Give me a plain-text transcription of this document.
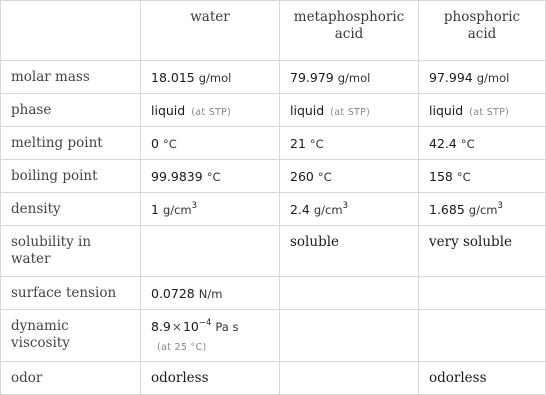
	water	metaphosphoric acid	phosphoric acid
molar mass	18.015 g/mol	79.979 g/mol	97.994 g/mol
phase	liquid (at STP)	liquid (at STP)	liquid (at STP)
melting point	0 °C	21 °C	42.4 °C
boiling point	99.9839 °C	260 °C	158 °C
density	1 $g/cm^3$	2.4 $g/cm^3$	1.685 $g/cm^3$
solubility in water		soluble	very soluble
surface tension	0.0728 N/m		
dynamic viscosity	$8.9\times 10^{-4}$ Pa s
(at 25 °C)		

odor	odorless		odorless
